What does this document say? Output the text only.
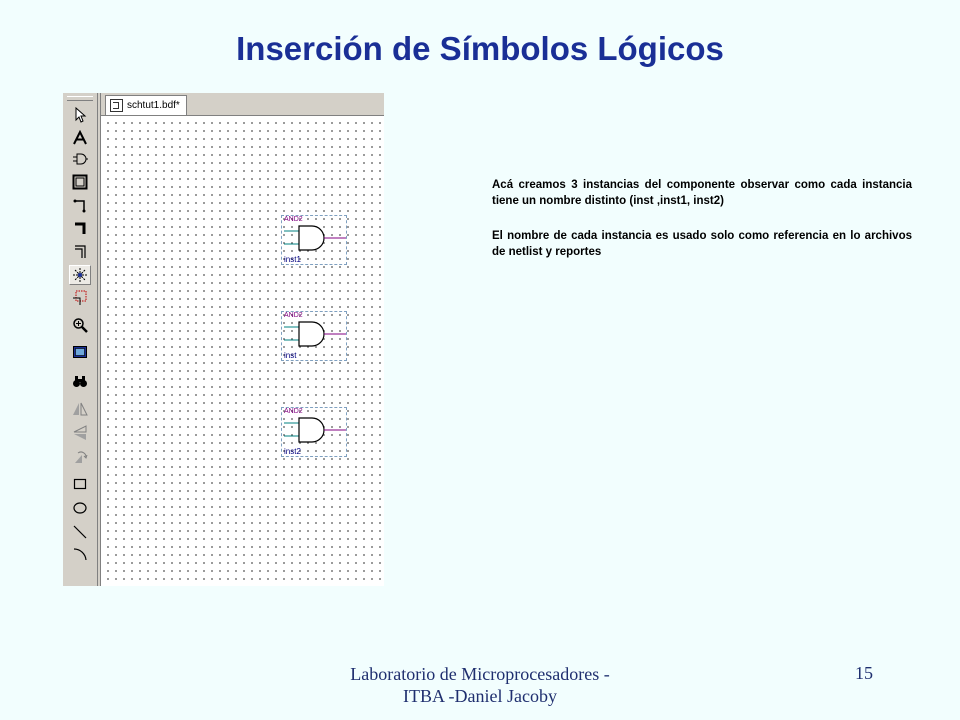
Inserción de Símbolos Lógicos
schtut1.bdf*
AND2
inst1
AND2
inst
AND2
inst2

Acá creamos 3 instancias del componente observar como cada instancia tiene un nombre distinto (inst ,inst1, inst2)

El nombre de cada instancia es usado solo como referencia en lo archivos de netlist y reportes

Laboratorio de Microprocesadores -
ITBA -Daniel Jacoby
15
